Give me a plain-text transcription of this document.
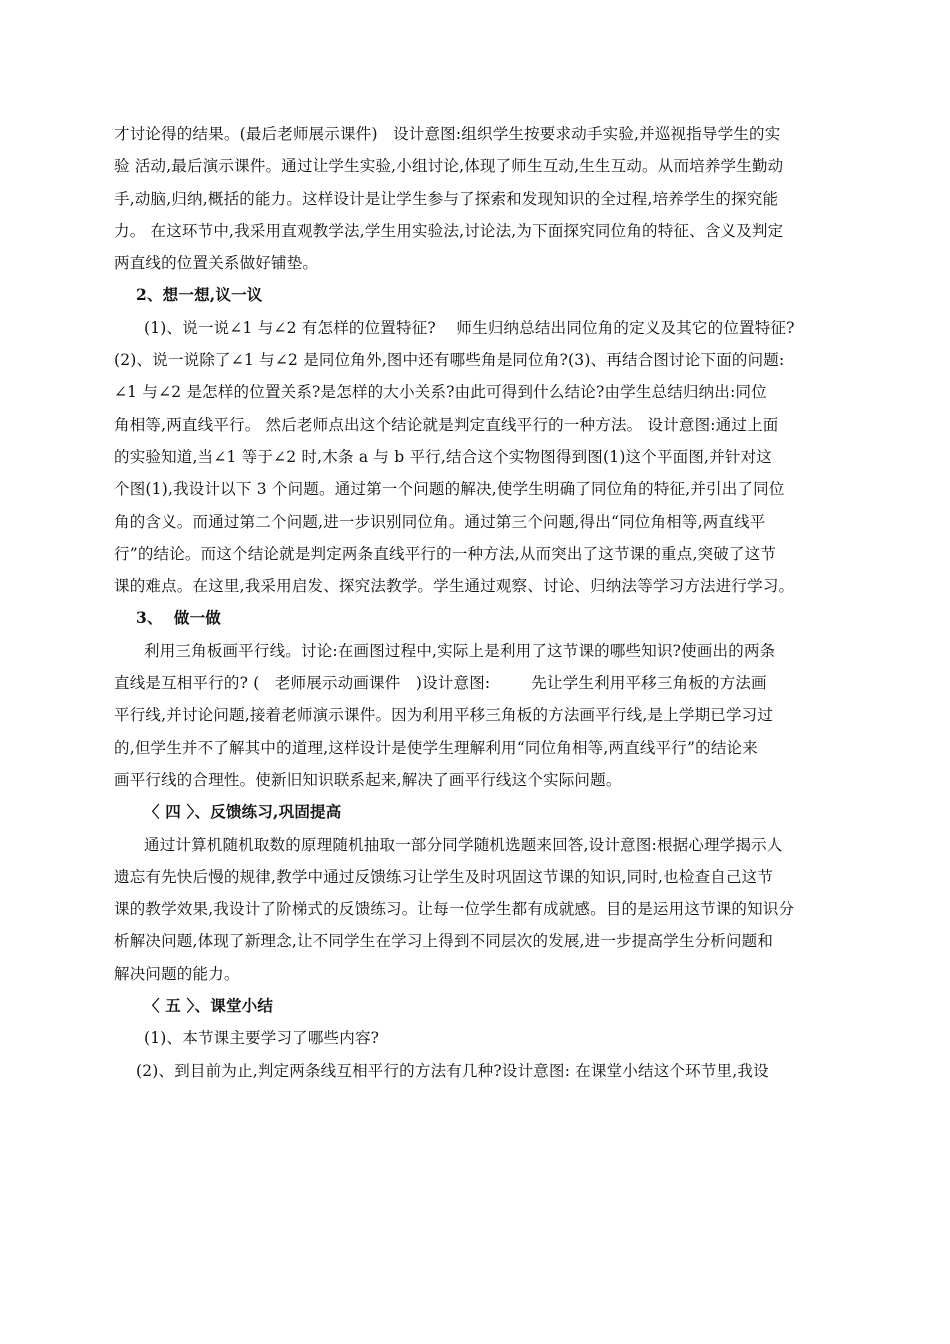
才讨论得的结果。(最后老师展示课件)   设计意图:组织学生按要求动手实验,并巡视指导学生的实
验 活动,最后演示课件。通过让学生实验,小组讨论,体现了师生互动,生生互动。从而培养学生勤动
手,动脑,归纳,概括的能力。这样设计是让学生参与了探索和发现知识的全过程,培养学生的探究能
力。 在这环节中,我采用直观教学法,学生用实验法,讨论法,为下面探究同位角的特征、含义及判定
两直线的位置关系做好铺垫。
2、想一想,议一议
(1)、说一说∠1 与∠2 有怎样的位置特征?    师生归纳总结出同位角的定义及其它的位置特征?
(2)、说一说除了∠1 与∠2 是同位角外,图中还有哪些角是同位角?(3)、再结合图讨论下面的问题:
∠1 与∠2 是怎样的位置关系?是怎样的大小关系?由此可得到什么结论?由学生总结归纳出:同位
角相等,两直线平行。 然后老师点出这个结论就是判定直线平行的一种方法。 设计意图:通过上面
的实验知道,当∠1 等于∠2 时,木条 a 与 b 平行,结合这个实物图得到图(1)这个平面图,并针对这
个图(1),我设计以下 3 个问题。通过第一个问题的解决,使学生明确了同位角的特征,并引出了同位
角的含义。而通过第二个问题,进一步识别同位角。通过第三个问题,得出“同位角相等,两直线平
行”的结论。而这个结论就是判定两条直线平行的一种方法,从而突出了这节课的重点,突破了这节
课的难点。在这里,我采用启发、探究法教学。学生通过观察、讨论、归纳法等学习方法进行学习。
3、  做一做
利用三角板画平行线。讨论:在画图过程中,实际上是利用了这节课的哪些知识?使画出的两条
直线是互相平行的? (   老师展示动画课件   )设计意图:        先让学生利用平移三角板的方法画
平行线,并讨论问题,接着老师演示课件。因为利用平移三角板的方法画平行线,是上学期已学习过
的,但学生并不了解其中的道理,这样设计是使学生理解利用“同位角相等,两直线平行”的结论来
画平行线的合理性。使新旧知识联系起来,解决了画平行线这个实际问题。
〈 四 〉、反馈练习,巩固提高
通过计算机随机取数的原理随机抽取一部分同学随机选题来回答,设计意图:根据心理学揭示人
遗忘有先快后慢的规律,教学中通过反馈练习让学生及时巩固这节课的知识,同时,也检查自己这节
课的教学效果,我设计了阶梯式的反馈练习。让每一位学生都有成就感。目的是运用这节课的知识分
析解决问题,体现了新理念,让不同学生在学习上得到不同层次的发展,进一步提高学生分析问题和
解决问题的能力。
〈 五 〉、课堂小结
(1)、本节课主要学习了哪些内容?
(2)、到目前为止,判定两条线互相平行的方法有几种?设计意图: 在课堂小结这个环节里,我设
